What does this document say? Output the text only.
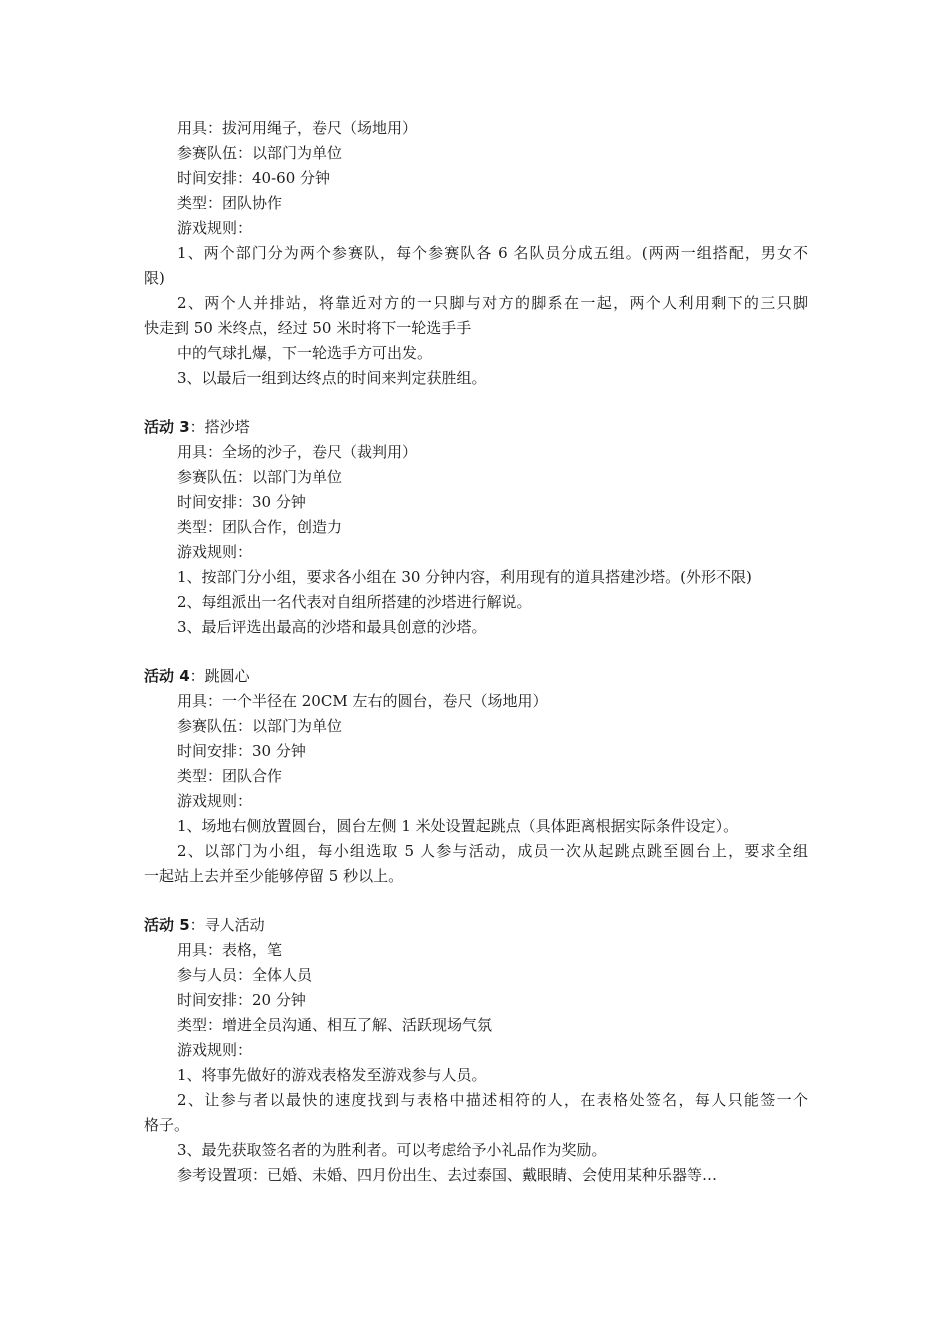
用具：拔河用绳子，卷尺（场地用）

参赛队伍：以部门为单位

时间安排：40-60 分钟

类型：团队协作

游戏规则：

1、两个部门分为两个参赛队，每个参赛队各 6 名队员分成五组。(两两一组搭配，男女不

限)

2、两个人并排站，将靠近对方的一只脚与对方的脚系在一起，两个人利用剩下的三只脚

快走到 50 米终点，经过 50 米时将下一轮选手手

中的气球扎爆，下一轮选手方可出发。

3、以最后一组到达终点的时间来判定获胜组。

活动 3：搭沙塔

用具：全场的沙子，卷尺（裁判用）

参赛队伍：以部门为单位

时间安排：30 分钟

类型：团队合作，创造力

游戏规则：

1、按部门分小组，要求各小组在 30 分钟内容，利用现有的道具搭建沙塔。(外形不限)

2、每组派出一名代表对自组所搭建的沙塔进行解说。

3、最后评选出最高的沙塔和最具创意的沙塔。

活动 4：跳圆心

用具：一个半径在 20CM 左右的圆台，卷尺（场地用）

参赛队伍：以部门为单位

时间安排：30 分钟

类型：团队合作

游戏规则：

1、场地右侧放置圆台，圆台左侧 1 米处设置起跳点（具体距离根据实际条件设定）。

2、以部门为小组，每小组选取 5 人参与活动，成员一次从起跳点跳至圆台上，要求全组

一起站上去并至少能够停留 5 秒以上。

活动 5：寻人活动

用具：表格，笔

参与人员：全体人员

时间安排：20 分钟

类型：增进全员沟通、相互了解、活跃现场气氛

游戏规则：

1、将事先做好的游戏表格发至游戏参与人员。

2、让参与者以最快的速度找到与表格中描述相符的人，在表格处签名，每人只能签一个

格子。

3、最先获取签名者的为胜利者。可以考虑给予小礼品作为奖励。

参考设置项：已婚、未婚、四月份出生、去过泰国、戴眼睛、会使用某种乐器等…
